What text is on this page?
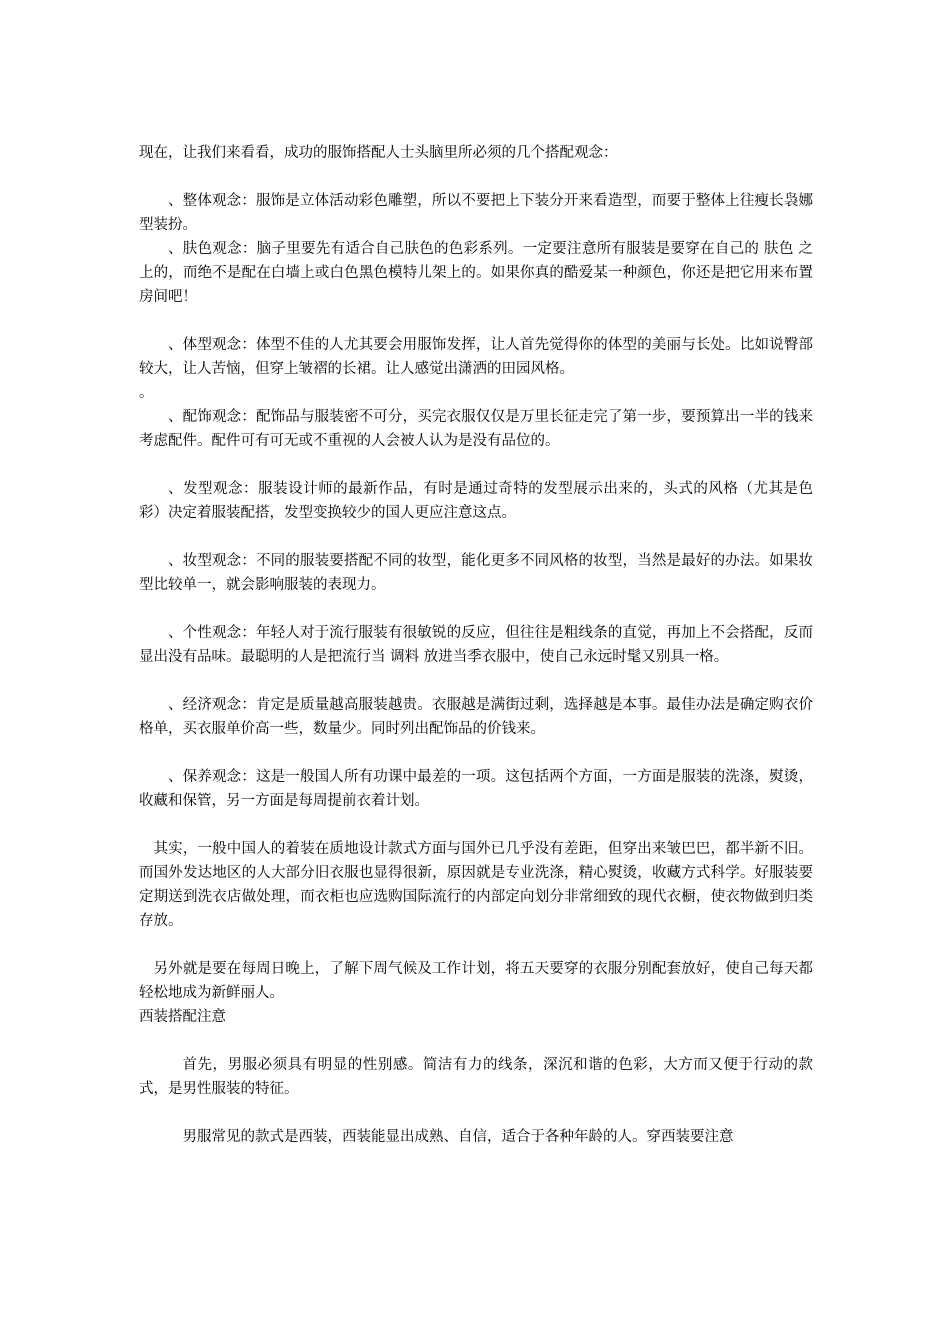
现在，让我们来看看，成功的服饰搭配人士头脑里所必须的几个搭配观念：

、整体观念：服饰是立体活动彩色雕塑，所以不要把上下装分开来看造型，而要于整体上往瘦长袅娜型装扮。

、肤色观念：脑子里要先有适合自己肤色的色彩系列。一定要注意所有服装是要穿在自己的 肤色 之上的，而绝不是配在白墙上或白色黑色模特儿架上的。如果你真的酷爱某一种颜色，你还是把它用来布置房间吧！

、体型观念：体型不佳的人尤其要会用服饰发挥，让人首先觉得你的体型的美丽与长处。比如说臀部较大，让人苦恼，但穿上皱褶的长裙。让人感觉出潇洒的田园风格。

。

、配饰观念：配饰品与服装密不可分，买完衣服仅仅是万里长征走完了第一步，要预算出一半的钱来考虑配件。配件可有可无或不重视的人会被人认为是没有品位的。

、发型观念：服装设计师的最新作品，有时是通过奇特的发型展示出来的，头式的风格（尤其是色彩）决定着服装配搭，发型变换较少的国人更应注意这点。

、妆型观念：不同的服装要搭配不同的妆型，能化更多不同风格的妆型，当然是最好的办法。如果妆型比较单一，就会影响服装的表现力。

、个性观念：年轻人对于流行服装有很敏锐的反应，但往往是粗线条的直觉，再加上不会搭配，反而显出没有品味。最聪明的人是把流行当 调料 放进当季衣服中，使自己永远时髦又别具一格。

、经济观念：肯定是质量越高服装越贵。衣服越是满街过剩，选择越是本事。最佳办法是确定购衣价格单，买衣服单价高一些，数量少。同时列出配饰品的价钱来。

、保养观念：这是一般国人所有功课中最差的一项。这包括两个方面，一方面是服装的洗涤，熨烫，收藏和保管，另一方面是每周提前衣着计划。

其实，一般中国人的着装在质地设计款式方面与国外已几乎没有差距，但穿出来皱巴巴，都半新不旧。而国外发达地区的人大部分旧衣服也显得很新，原因就是专业洗涤，精心熨烫，收藏方式科学。好服装要定期送到洗衣店做处理，而衣柜也应选购国际流行的内部定向划分非常细致的现代衣橱，使衣物做到归类存放。

另外就是要在每周日晚上，了解下周气候及工作计划，将五天要穿的衣服分别配套放好，使自己每天都轻松地成为新鲜丽人。

西装搭配注意

首先，男服必须具有明显的性别感。简洁有力的线条，深沉和谐的色彩，大方而又便于行动的款式，是男性服装的特征。

男服常见的款式是西装，西装能显出成熟、自信，适合于各种年龄的人。穿西装要注意
